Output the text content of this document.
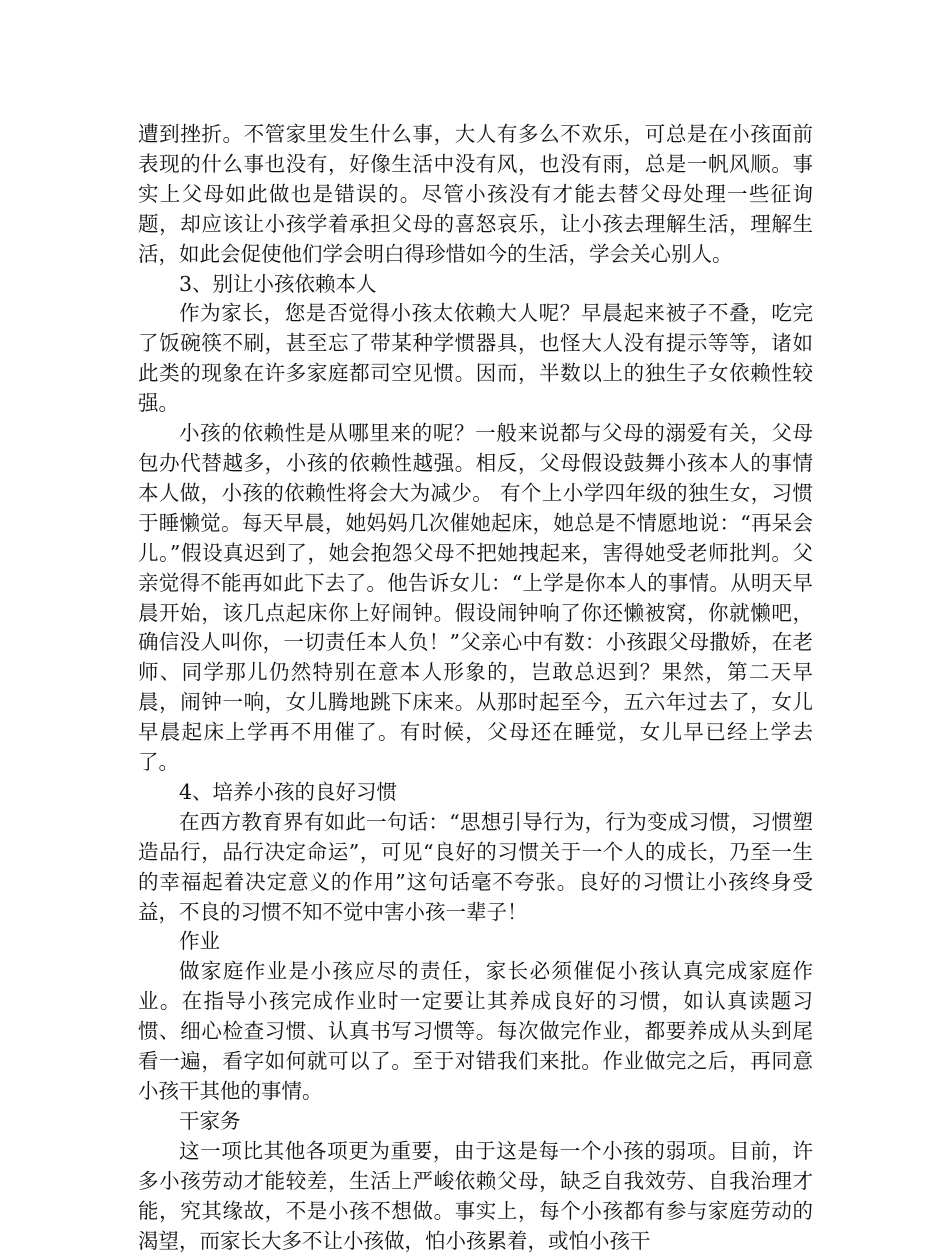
遭到挫折。不管家里发生什么事，大人有多么不欢乐，可总是在小孩面前表现的什么事也没有，好像生活中没有风，也没有雨，总是一帆风顺。事实上父母如此做也是错误的。尽管小孩没有才能去替父母处理一些征询题，却应该让小孩学着承担父母的喜怒哀乐，让小孩去理解生活，理解生活，如此会促使他们学会明白得珍惜如今的生活，学会关心别人。

3、别让小孩依赖本人

作为家长，您是否觉得小孩太依赖大人呢？早晨起来被子不叠，吃完了饭碗筷不刷，甚至忘了带某种学惯器具，也怪大人没有提示等等，诸如此类的现象在许多家庭都司空见惯。因而，半数以上的独生子女依赖性较强。

小孩的依赖性是从哪里来的呢？一般来说都与父母的溺爱有关，父母包办代替越多，小孩的依赖性越强。相反，父母假设鼓舞小孩本人的事情本人做，小孩的依赖性将会大为减少。 有个上小学四年级的独生女，习惯于睡懒觉。每天早晨，她妈妈几次催她起床，她总是不情愿地说：“再呆会儿。”假设真迟到了，她会抱怨父母不把她拽起来，害得她受老师批判。父亲觉得不能再如此下去了。他告诉女儿：“上学是你本人的事情。从明天早晨开始，该几点起床你上好闹钟。假设闹钟响了你还懒被窝，你就懒吧，确信没人叫你，一切责任本人负！”父亲心中有数：小孩跟父母撒娇，在老师、同学那儿仍然特别在意本人形象的，岂敢总迟到？果然，第二天早晨，闹钟一响，女儿腾地跳下床来。从那时起至今，五六年过去了，女儿早晨起床上学再不用催了。有时候，父母还在睡觉，女儿早已经上学去了。

4、培养小孩的良好习惯

在西方教育界有如此一句话：“思想引导行为，行为变成习惯，习惯塑造品行，品行决定命运”，可见“良好的习惯关于一个人的成长，乃至一生的幸福起着决定意义的作用”这句话毫不夸张。良好的习惯让小孩终身受益，不良的习惯不知不觉中害小孩一辈子！

作业

做家庭作业是小孩应尽的责任，家长必须催促小孩认真完成家庭作业。在指导小孩完成作业时一定要让其养成良好的习惯，如认真读题习惯、细心检查习惯、认真书写习惯等。每次做完作业，都要养成从头到尾看一遍，看字如何就可以了。至于对错我们来批。作业做完之后，再同意小孩干其他的事情。

干家务

这一项比其他各项更为重要，由于这是每一个小孩的弱项。目前，许多小孩劳动才能较差，生活上严峻依赖父母，缺乏自我效劳、自我治理才能，究其缘故，不是小孩不想做。事实上，每个小孩都有参与家庭劳动的渴望，而家长大多不让小孩做，怕小孩累着，或怕小孩干
